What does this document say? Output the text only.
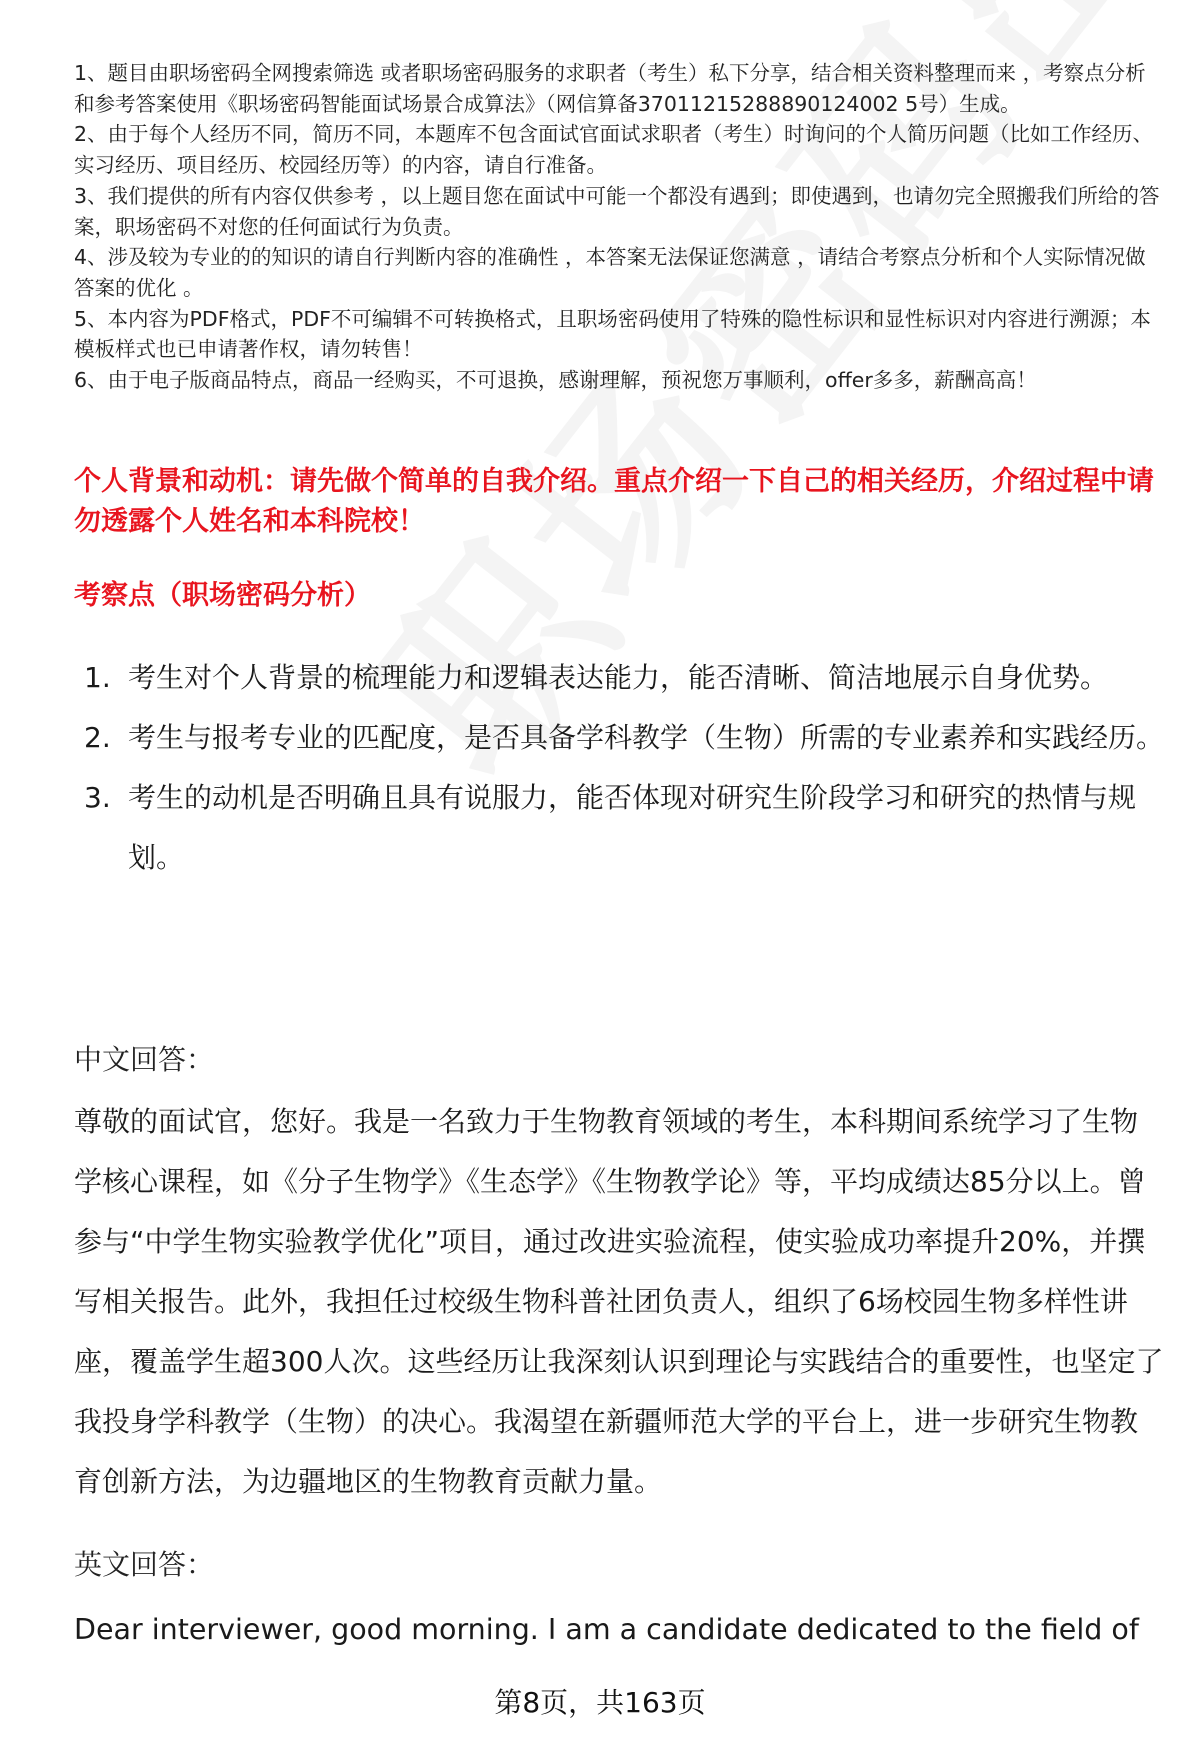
1、题目由职场密码全网搜索筛选 或者职场密码服务的求职者（考生）私下分享，结合相关资料整理而来 ，考察点分析和参考答案使用《职场密码智能面试场景合成算法》（网信算备37011215288890124002 5号）生成。

2、由于每个人经历不同，简历不同，本题库不包含面试官面试求职者（考生）时询问的个人简历问题（比如工作经历、实习经历、项目经历、校园经历等）的内容，请自行准备。

3、我们提供的所有内容仅供参考 ，以上题目您在面试中可能一个都没有遇到；即使遇到，也请勿完全照搬我们所给的答案，职场密码不对您的任何面试行为负责。

4、涉及较为专业的的知识的请自行判断内容的准确性 ，本答案无法保证您满意 ，请结合考察点分析和个人实际情况做答案的优化 。

5、本内容为PDF格式，PDF不可编辑不可转换格式，且职场密码使用了特殊的隐性标识和显性标识对内容进行溯源；本模板样式也已申请著作权，请勿转售！

6、由于电子版商品特点，商品一经购买，不可退换，感谢理解，预祝您万事顺利，offer多多，薪酬高高！

个人背景和动机：请先做个简单的自我介绍。重点介绍一下自己的相关经历，介绍过程中请勿透露个人姓名和本科院校！
考察点（职场密码分析）
1. 考生对个人背景的梳理能力和逻辑表达能力，能否清晰、简洁地展示自身优势。
2. 考生与报考专业的匹配度，是否具备学科教学（生物）所需的专业素养和实践经历。
3. 考生的动机是否明确且具有说服力，能否体现对研究生阶段学习和研究的热情与规划。
中文回答：

尊敬的面试官，您好。我是一名致力于生物教育领域的考生，本科期间系统学习了生物学核心课程，如《分子生物学》《生态学》《生物教学论》等，平均成绩达85分以上。曾参与“中学生物实验教学优化”项目，通过改进实验流程，使实验成功率提升20%，并撰写相关报告。此外，我担任过校级生物科普社团负责人，组织了6场校园生物多样性讲座，覆盖学生超300人次。这些经历让我深刻认识到理论与实践结合的重要性，也坚定了我投身学科教学（生物）的决心。我渴望在新疆师范大学的平台上，进一步研究生物教育创新方法，为边疆地区的生物教育贡献力量。

英文回答：

Dear interviewer, good morning. I am a candidate dedicated to the field of

第8页，共163页
